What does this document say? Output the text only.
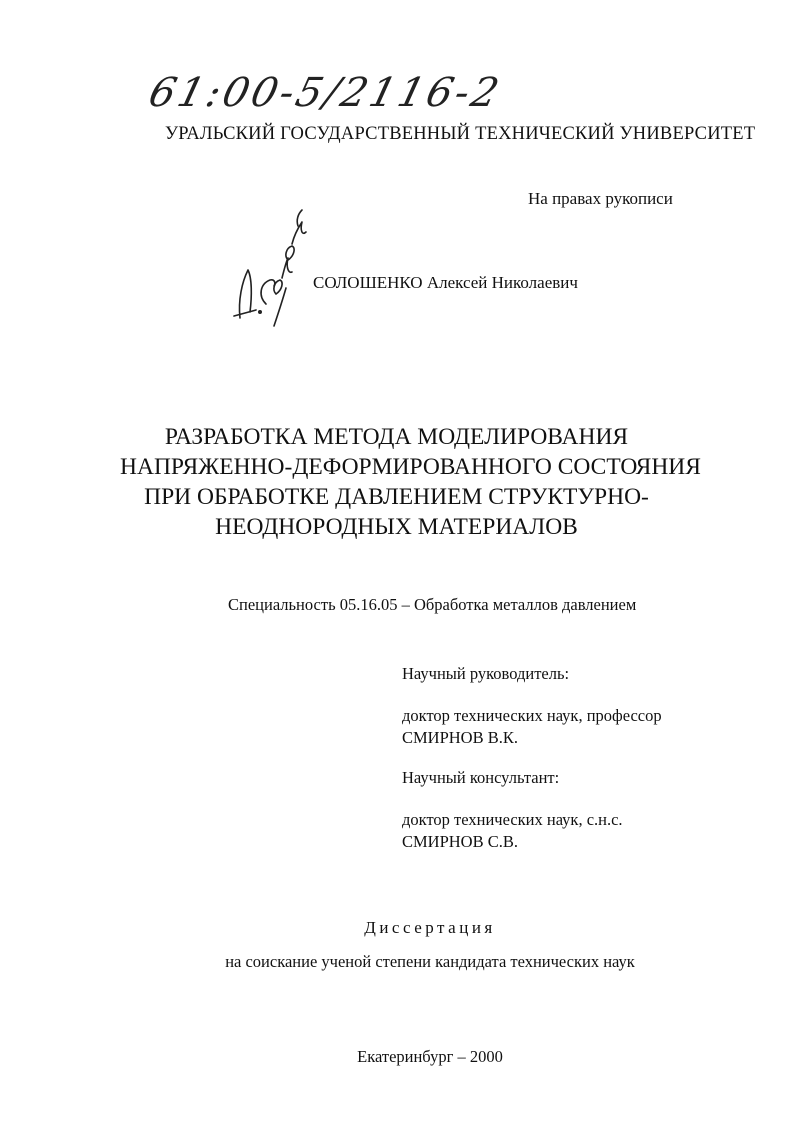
61:00-5/2116-2
УРАЛЬСКИЙ ГОСУДАРСТВЕННЫЙ ТЕХНИЧЕСКИЙ УНИВЕРСИТЕТ
На правах рукописи
СОЛОШЕНКО Алексей Николаевич
РАЗРАБОТКА МЕТОДА МОДЕЛИРОВАНИЯ
НАПРЯЖЕННО-ДЕФОРМИРОВАННОГО СОСТОЯНИЯ
ПРИ ОБРАБОТКЕ ДАВЛЕНИЕМ СТРУКТУРНО-
НЕОДНОРОДНЫХ МАТЕРИАЛОВ
Специальность 05.16.05 – Обработка металлов давлением
Научный руководитель:
доктор технических наук, профессор
СМИРНОВ В.К.
Научный консультант:
доктор технических наук, с.н.с.
СМИРНОВ С.В.
Диссертация
на соискание ученой степени кандидата технических наук
Екатеринбург – 2000
